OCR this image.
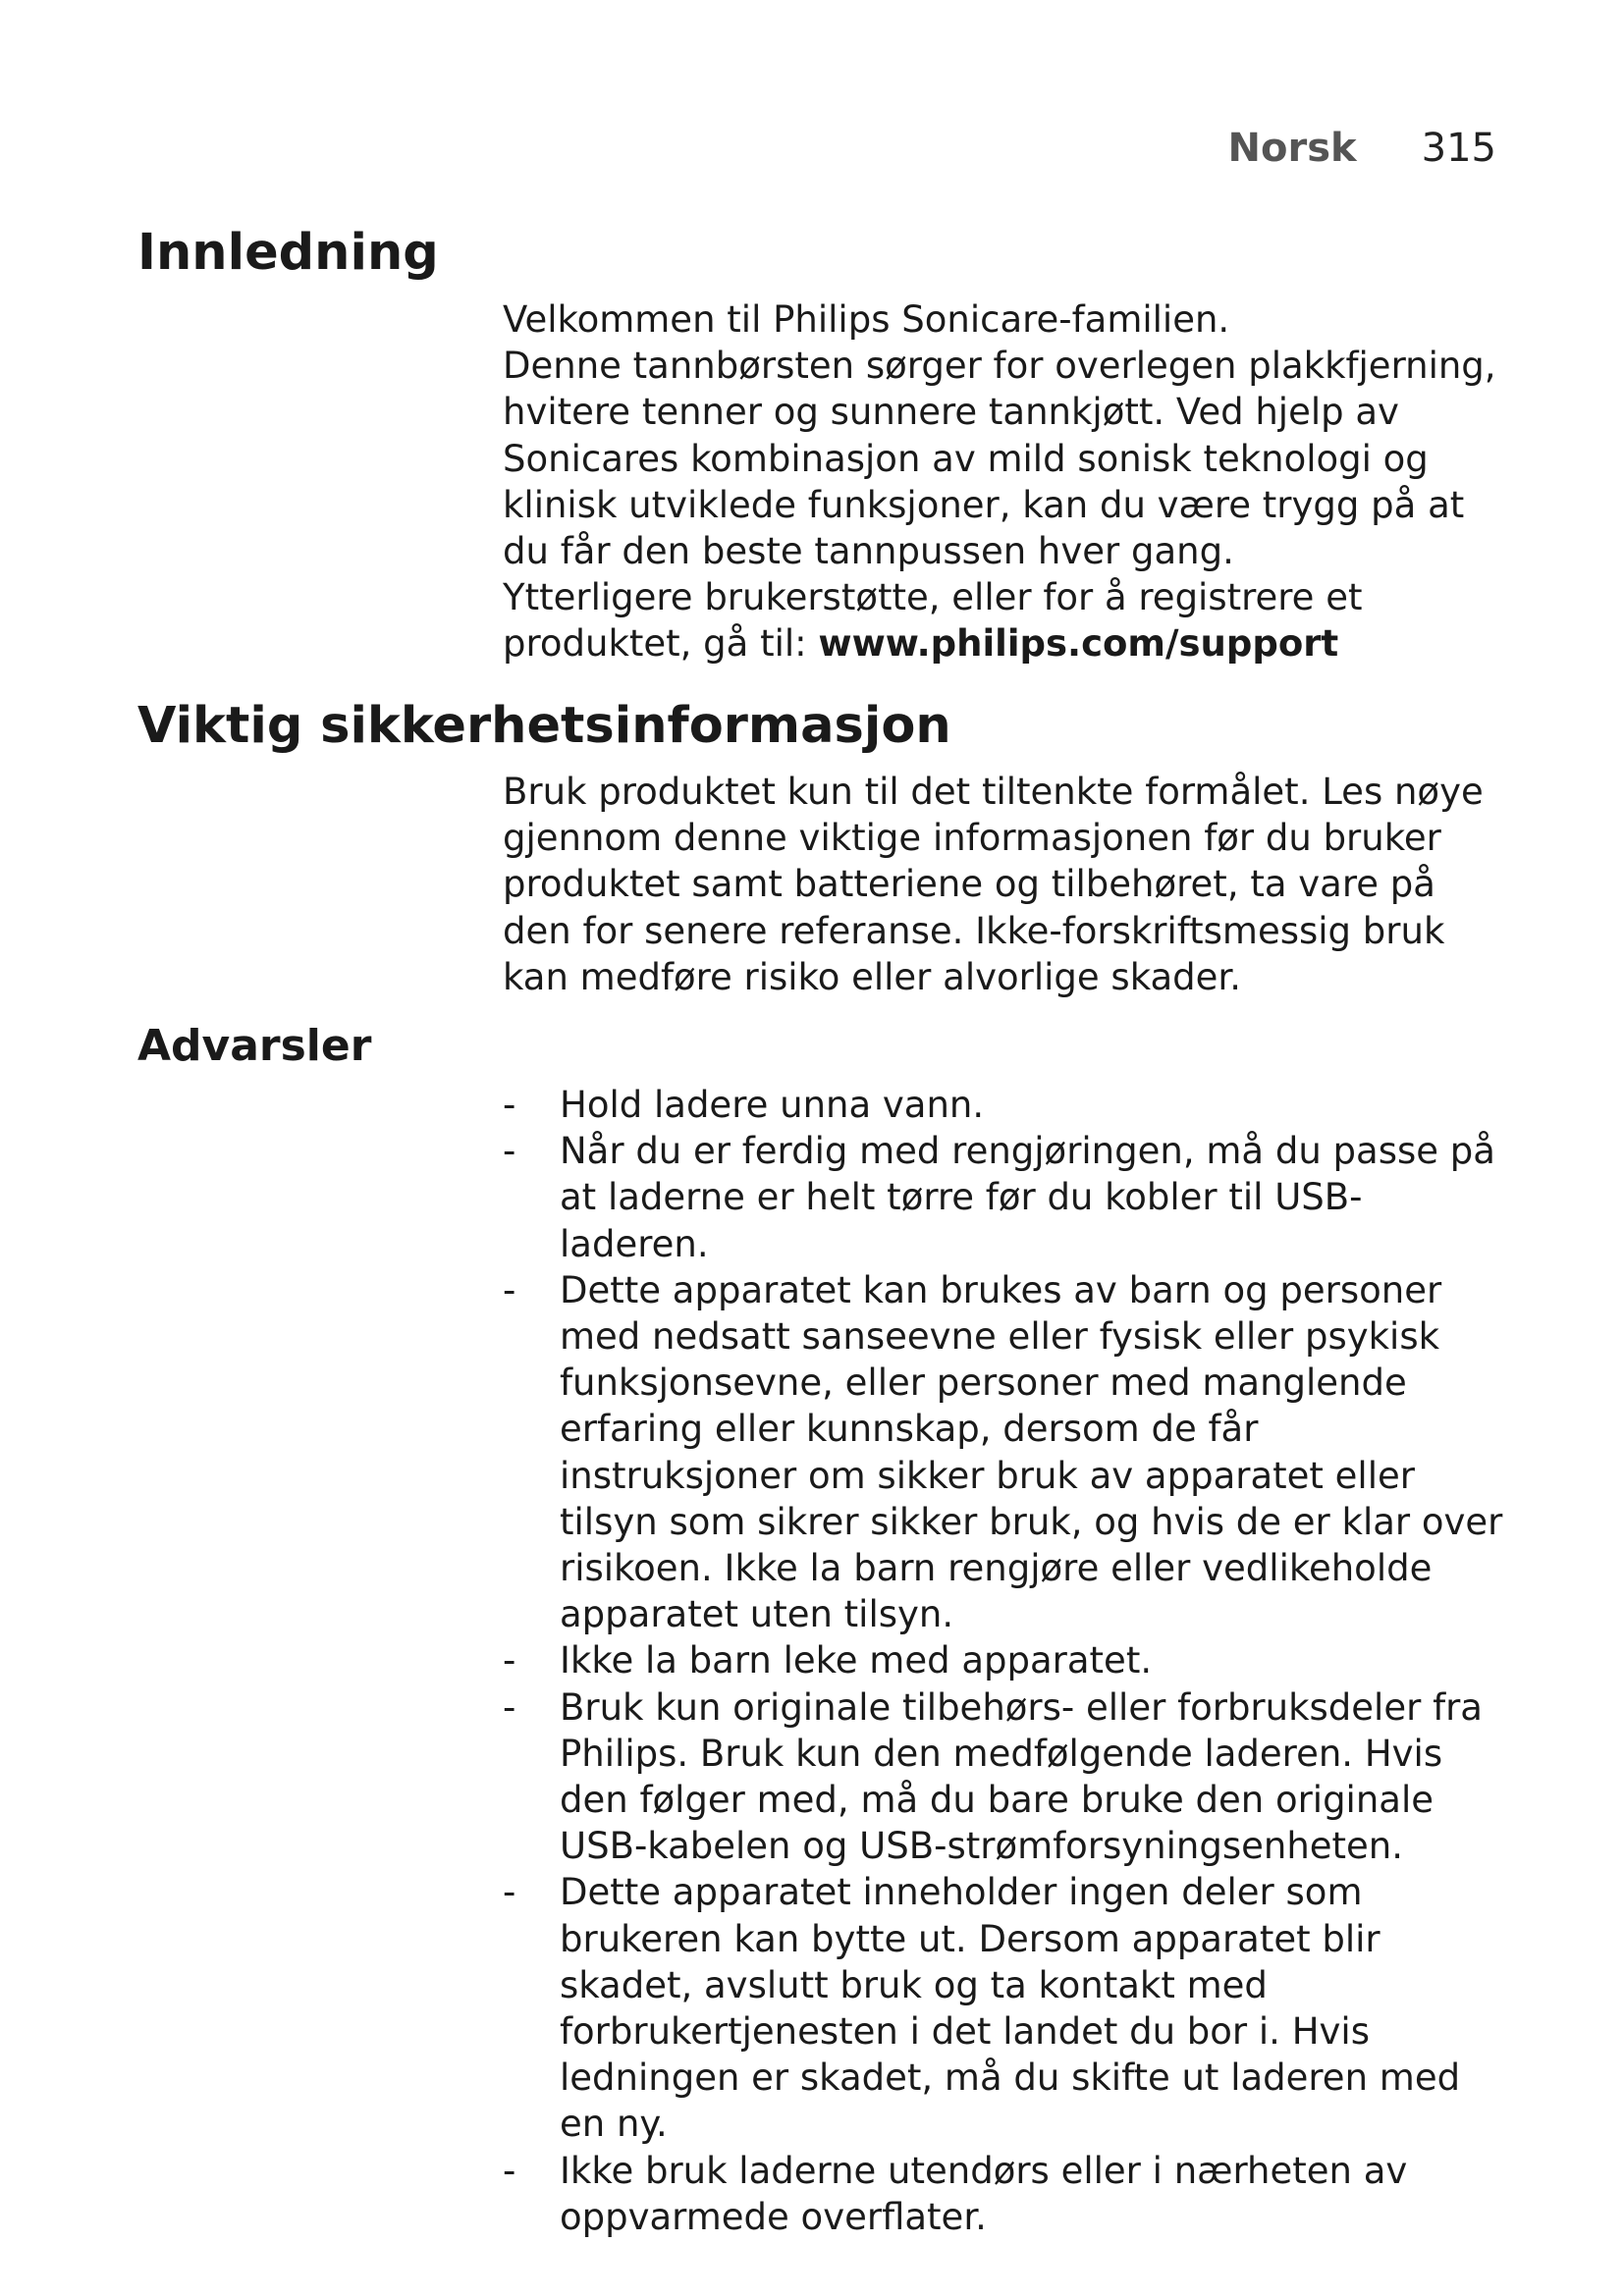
Norsk 315
Innledning

Velkommen til Philips Sonicare-familien.

Denne tannbørsten sørger for overlegen plakkfjerning, hvitere tenner og sunnere tannkjøtt. Ved hjelp av Sonicares kombinasjon av mild sonisk teknologi og klinisk utviklede funksjoner, kan du være trygg på at du får den beste tannpussen hver gang.

Ytterligere brukerstøtte, eller for å registrere et produktet, gå til: www.philips.com/support

Viktig sikkerhetsinformasjon

Bruk produktet kun til det tiltenkte formålet. Les nøye gjennom denne viktige informasjonen før du bruker produktet samt batteriene og tilbehøret, ta vare på den for senere referanse. Ikke-forskriftsmessig bruk kan medføre risiko eller alvorlige skader.

Advarsler
- Hold ladere unna vann.
- Når du er ferdig med rengjøringen, må du passe på at laderne er helt tørre før du kobler til USB-laderen.
- Dette apparatet kan brukes av barn og personer med nedsatt sanseevne eller fysisk eller psykisk funksjonsevne, eller personer med manglende erfaring eller kunnskap, dersom de får instruksjoner om sikker bruk av apparatet eller tilsyn som sikrer sikker bruk, og hvis de er klar over risikoen. Ikke la barn rengjøre eller vedlikeholde apparatet uten tilsyn.
- Ikke la barn leke med apparatet.
- Bruk kun originale tilbehørs- eller forbruksdeler fra Philips. Bruk kun den medfølgende laderen. Hvis den følger med, må du bare bruke den originale USB-kabelen og USB-strømforsyningsenheten.
- Dette apparatet inneholder ingen deler som brukeren kan bytte ut. Dersom apparatet blir skadet, avslutt bruk og ta kontakt med forbrukertjenesten i det landet du bor i. Hvis ledningen er skadet, må du skifte ut laderen med en ny.
- Ikke bruk laderne utendørs eller i nærheten av oppvarmede overflater.
